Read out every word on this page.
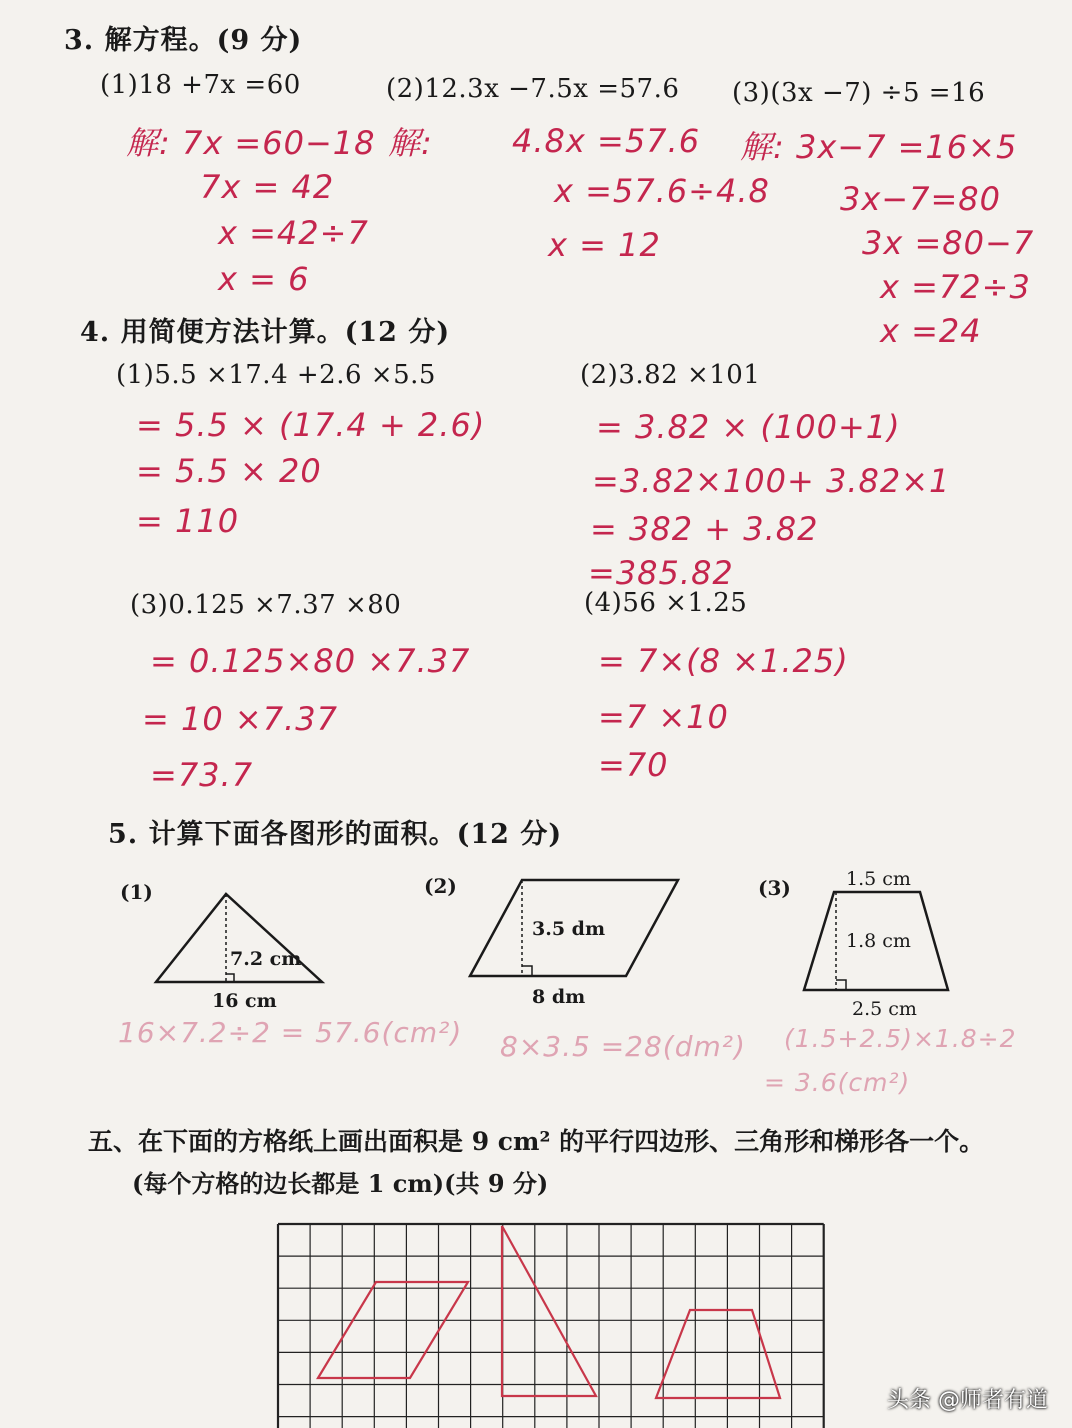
3. 解方程。(9 分)
(1)18 +7x =60	(2)12.3x −7.5x =57.6 (3)(3x −7) ÷5 =16
解: 7x =60−18
7x = 42
x =42÷7
x = 6
解: 4.8x =57.6
x =57.6÷4.8
x = 12
解: 3x−7 =16×5
3x−7=80
3x =80−7
x =72÷3
x =24
4. 用简便方法计算。(12 分)
(1)5.5 ×17.4 +2.6 ×5.5	(2)3.82 ×101
= 5.5 × (17.4 + 2.6)
= 5.5 × 20
= 110
= 3.82 × (100+1)
=3.82×100+ 3.82×1
= 382 + 3.82
=385.82
(3)0.125 ×7.37 ×80	(4)56 ×1.25
= 0.125×80 ×7.37
= 10 ×7.37
=73.7
= 7×(8 ×1.25)
=7 ×10
=70
5. 计算下面各图形的面积。(12 分)
(1)
7.2 cm
16 cm
16×7.2÷2 = 57.6(cm²)
(2)
3.5 dm
8 dm
8×3.5 =28(dm²)
(3)	1.5 cm
1.8 cm
2.5 cm
(1.5+2.5)×1.8÷2
= 3.6(cm²)
五、在下面的方格纸上画出面积是 9 cm² 的平行四边形、三角形和梯形各一个。
(每个方格的边长都是 1 cm)(共 9 分)
头条 @师者有道
